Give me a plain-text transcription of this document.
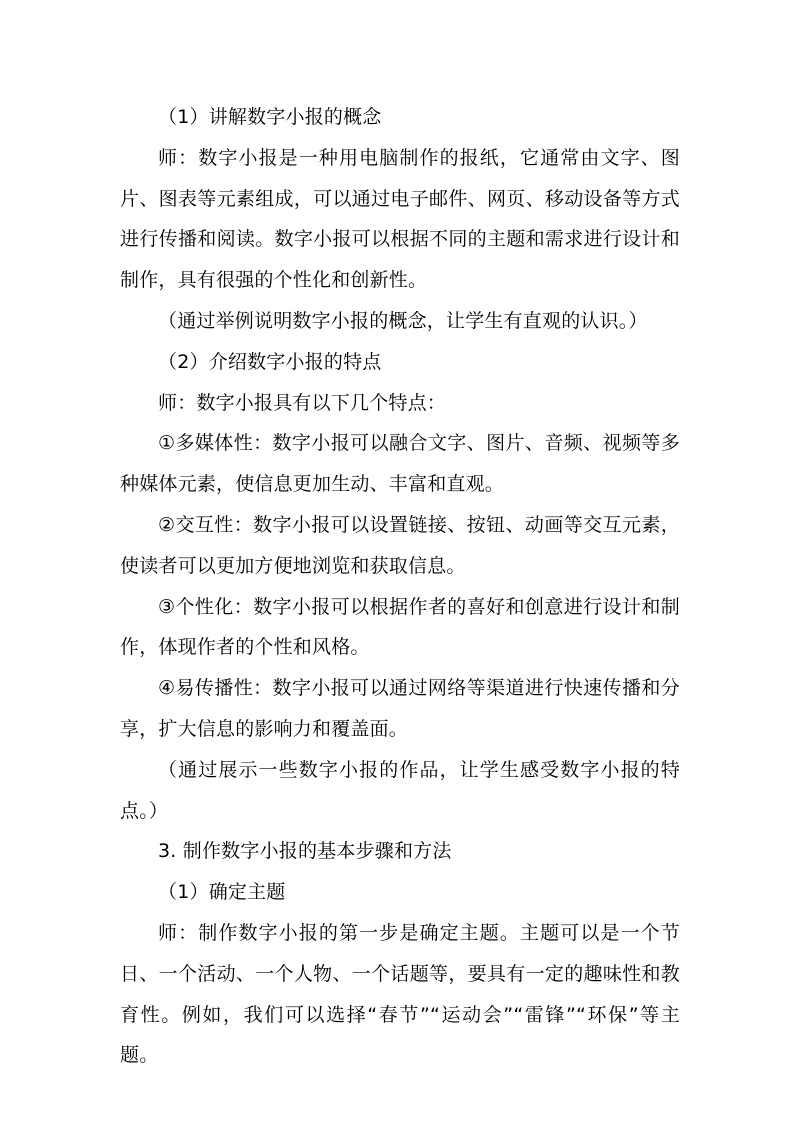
（1）讲解数字小报的概念

师：数字小报是一种用电脑制作的报纸，它通常由文字、图片、图表等元素组成，可以通过电子邮件、网页、移动设备等方式进行传播和阅读。数字小报可以根据不同的主题和需求进行设计和制作，具有很强的个性化和创新性。

（通过举例说明数字小报的概念，让学生有直观的认识。）

（2）介绍数字小报的特点

师：数字小报具有以下几个特点：

①多媒体性：数字小报可以融合文字、图片、音频、视频等多种媒体元素，使信息更加生动、丰富和直观。

②交互性：数字小报可以设置链接、按钮、动画等交互元素，使读者可以更加方便地浏览和获取信息。

③个性化：数字小报可以根据作者的喜好和创意进行设计和制作，体现作者的个性和风格。

④易传播性：数字小报可以通过网络等渠道进行快速传播和分享，扩大信息的影响力和覆盖面。

（通过展示一些数字小报的作品，让学生感受数字小报的特点。）

3. 制作数字小报的基本步骤和方法

（1）确定主题

师：制作数字小报的第一步是确定主题。主题可以是一个节日、一个活动、一个人物、一个话题等，要具有一定的趣味性和教育性。例如，我们可以选择“春节”“运动会”“雷锋”“环保”等主题。
